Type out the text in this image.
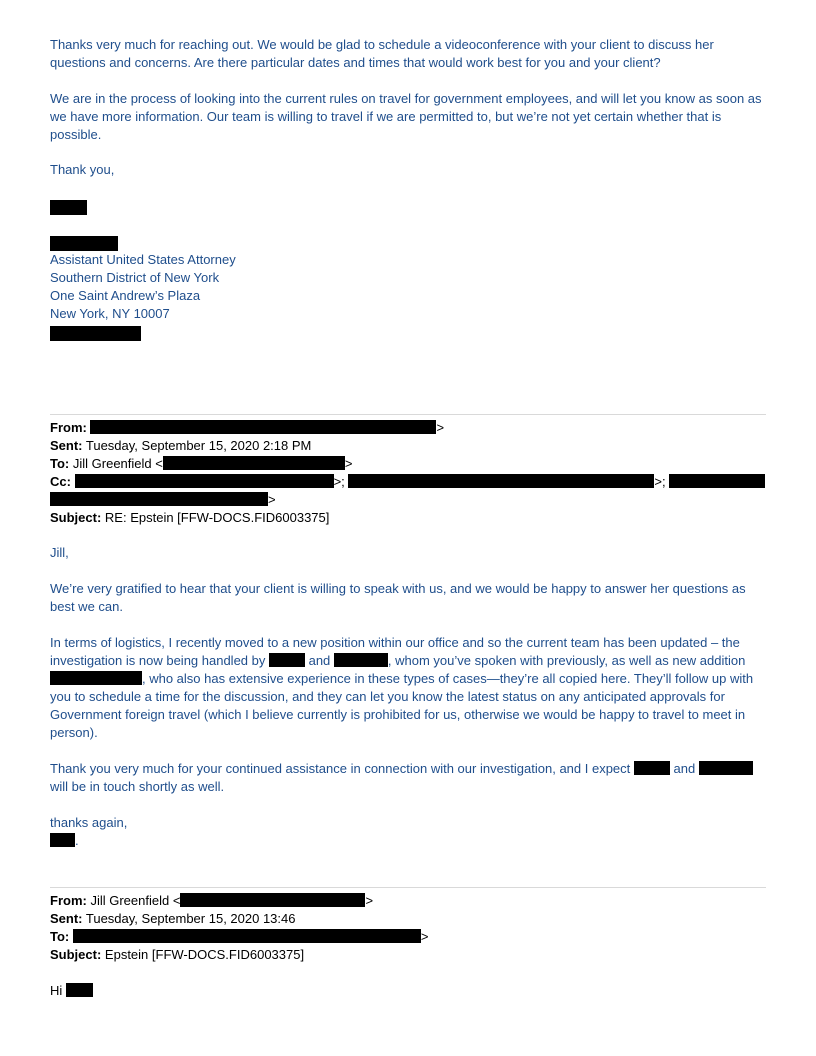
Thanks very much for reaching out. We would be glad to schedule a videoconference with your client to discuss her questions and concerns. Are there particular dates and times that would work best for you and your client?

We are in the process of looking into the current rules on travel for government employees, and will let you know as soon as we have more information. Our team is willing to travel if we are permitted to, but we’re not yet certain whether that is possible.

Thank you,

Assistant United States Attorney
Southern District of New York
One Saint Andrew’s Plaza
New York, NY 10007
From:	>
Sent: Tuesday, September 15, 2020 2:18 PM
To: Jill Greenfield <	>
Cc:	>;	>;
>
Subject: RE: Epstein [FFW-DOCS.FID6003375]

Jill,

We’re very gratified to hear that your client is willing to speak with us, and we would be happy to answer her questions as best we can.

In terms of logistics, I recently moved to a new position within our office and so the current team has been updated – the investigation is now being handled by	and	, whom you’ve spoken with previously, as well as new addition , who also has extensive experience in these types of cases—they’re all copied here. They’ll follow up with you to schedule a time for the discussion, and they can let you know the latest status on any anticipated approvals for Government foreign travel (which I believe currently is prohibited for us, otherwise we would be happy to travel to meet in person).

Thank you very much for your continued assistance in connection with our investigation, and I expect	and  will be in touch shortly as well.

thanks again,

.
From: Jill Greenfield <	>
Sent: Tuesday, September 15, 2020 13:46
To:	>
Subject: Epstein [FFW-DOCS.FID6003375]
Hi
